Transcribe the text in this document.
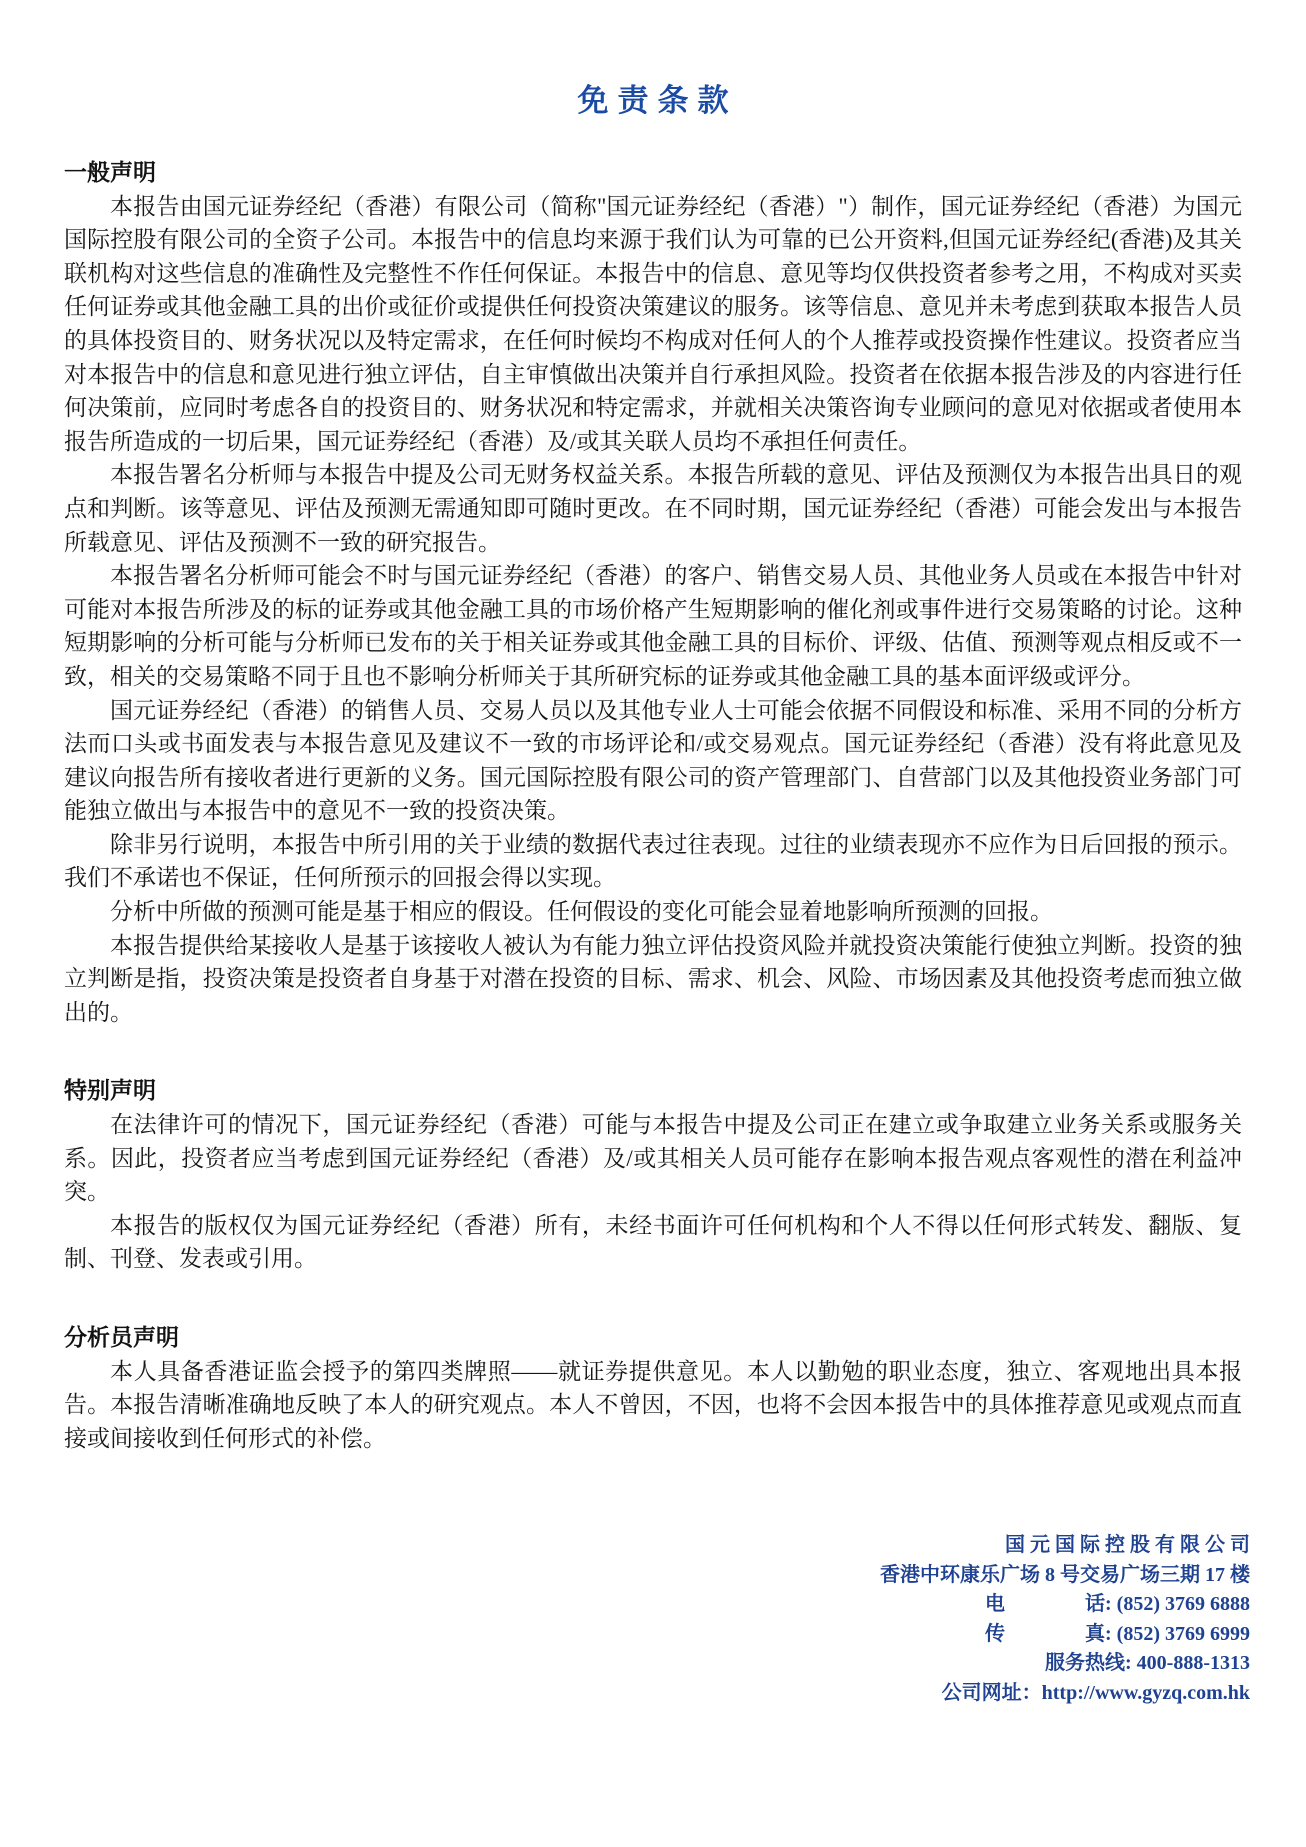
免责条款
一般声明

本报告由国元证券经纪（香港）有限公司（简称"国元证券经纪（香港）"）制作，国元证券经纪（香港）为国元国际控股有限公司的全资子公司。本报告中的信息均来源于我们认为可靠的已公开资料,但国元证券经纪(香港)及其关联机构对这些信息的准确性及完整性不作任何保证。本报告中的信息、意见等均仅供投资者参考之用，不构成对买卖任何证券或其他金融工具的出价或征价或提供任何投资决策建议的服务。该等信息、意见并未考虑到获取本报告人员的具体投资目的、财务状况以及特定需求，在任何时候均不构成对任何人的个人推荐或投资操作性建议。投资者应当对本报告中的信息和意见进行独立评估，自主审慎做出决策并自行承担风险。投资者在依据本报告涉及的内容进行任何决策前，应同时考虑各自的投资目的、财务状况和特定需求，并就相关决策咨询专业顾问的意见对依据或者使用本报告所造成的一切后果，国元证券经纪（香港）及/或其关联人员均不承担任何责任。

本报告署名分析师与本报告中提及公司无财务权益关系。本报告所载的意见、评估及预测仅为本报告出具日的观点和判断。该等意见、评估及预测无需通知即可随时更改。在不同时期，国元证券经纪（香港）可能会发出与本报告所载意见、评估及预测不一致的研究报告。

本报告署名分析师可能会不时与国元证券经纪（香港）的客户、销售交易人员、其他业务人员或在本报告中针对可能对本报告所涉及的标的证券或其他金融工具的市场价格产生短期影响的催化剂或事件进行交易策略的讨论。这种短期影响的分析可能与分析师已发布的关于相关证券或其他金融工具的目标价、评级、估值、预测等观点相反或不一致，相关的交易策略不同于且也不影响分析师关于其所研究标的证券或其他金融工具的基本面评级或评分。

国元证券经纪（香港）的销售人员、交易人员以及其他专业人士可能会依据不同假设和标准、采用不同的分析方法而口头或书面发表与本报告意见及建议不一致的市场评论和/或交易观点。国元证券经纪（香港）没有将此意见及建议向报告所有接收者进行更新的义务。国元国际控股有限公司的资产管理部门、自营部门以及其他投资业务部门可能独立做出与本报告中的意见不一致的投资决策。

除非另行说明，本报告中所引用的关于业绩的数据代表过往表现。过往的业绩表现亦不应作为日后回报的预示。我们不承诺也不保证，任何所预示的回报会得以实现。

分析中所做的预测可能是基于相应的假设。任何假设的变化可能会显着地影响所预测的回报。

本报告提供给某接收人是基于该接收人被认为有能力独立评估投资风险并就投资决策能行使独立判断。投资的独立判断是指，投资决策是投资者自身基于对潜在投资的目标、需求、机会、风险、市场因素及其他投资考虑而独立做出的。

特别声明

在法律许可的情况下，国元证券经纪（香港）可能与本报告中提及公司正在建立或争取建立业务关系或服务关系。因此，投资者应当考虑到国元证券经纪（香港）及/或其相关人员可能存在影响本报告观点客观性的潜在利益冲突。

本报告的版权仅为国元证券经纪（香港）所有，未经书面许可任何机构和个人不得以任何形式转发、翻版、复制、刊登、发表或引用。

分析员声明

本人具备香港证监会授予的第四类牌照——就证券提供意见。本人以勤勉的职业态度，独立、客观地出具本报告。本报告清晰准确地反映了本人的研究观点。本人不曾因，不因，也将不会因本报告中的具体推荐意见或观点而直接或间接收到任何形式的补偿。

国 元 国 际 控 股 有 限 公 司
香港中环康乐广场 8 号交易广场三期 17 楼
电　　　　话: (852) 3769 6888
传　　　　真: (852) 3769 6999
服务热线: 400-888-1313
公司网址：http://www.gyzq.com.hk
